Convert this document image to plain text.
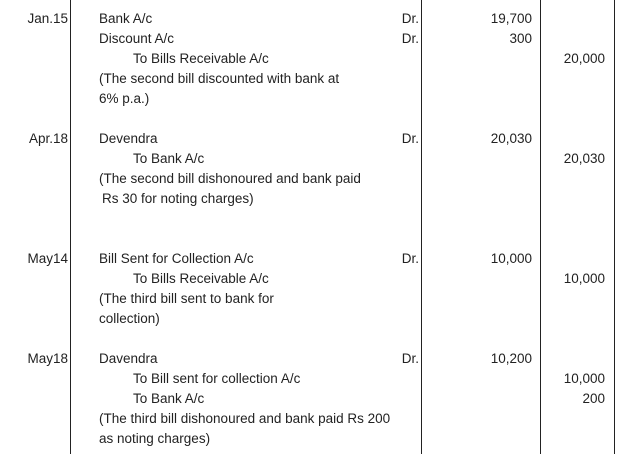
Jan.15 Bank A/c	Dr.	19,700
Discount A/c	Dr.	300
To Bills Receivable A/c	20,000
(The second bill discounted with bank at
6% p.a.)
Apr.18 Devendra	Dr.	20,030
To Bank A/c	20,030
(The second bill dishonoured and bank paid
Rs 30 for noting charges)
May14 Bill Sent for Collection A/c	Dr.	10,000
To Bills Receivable A/c	10,000
(The third bill sent to bank for
collection)
May18 Davendra	Dr.	10,200
To Bill sent for collection A/c	10,000
To Bank A/c	200
(The third bill dishonoured and bank paid Rs 200
as noting charges)
